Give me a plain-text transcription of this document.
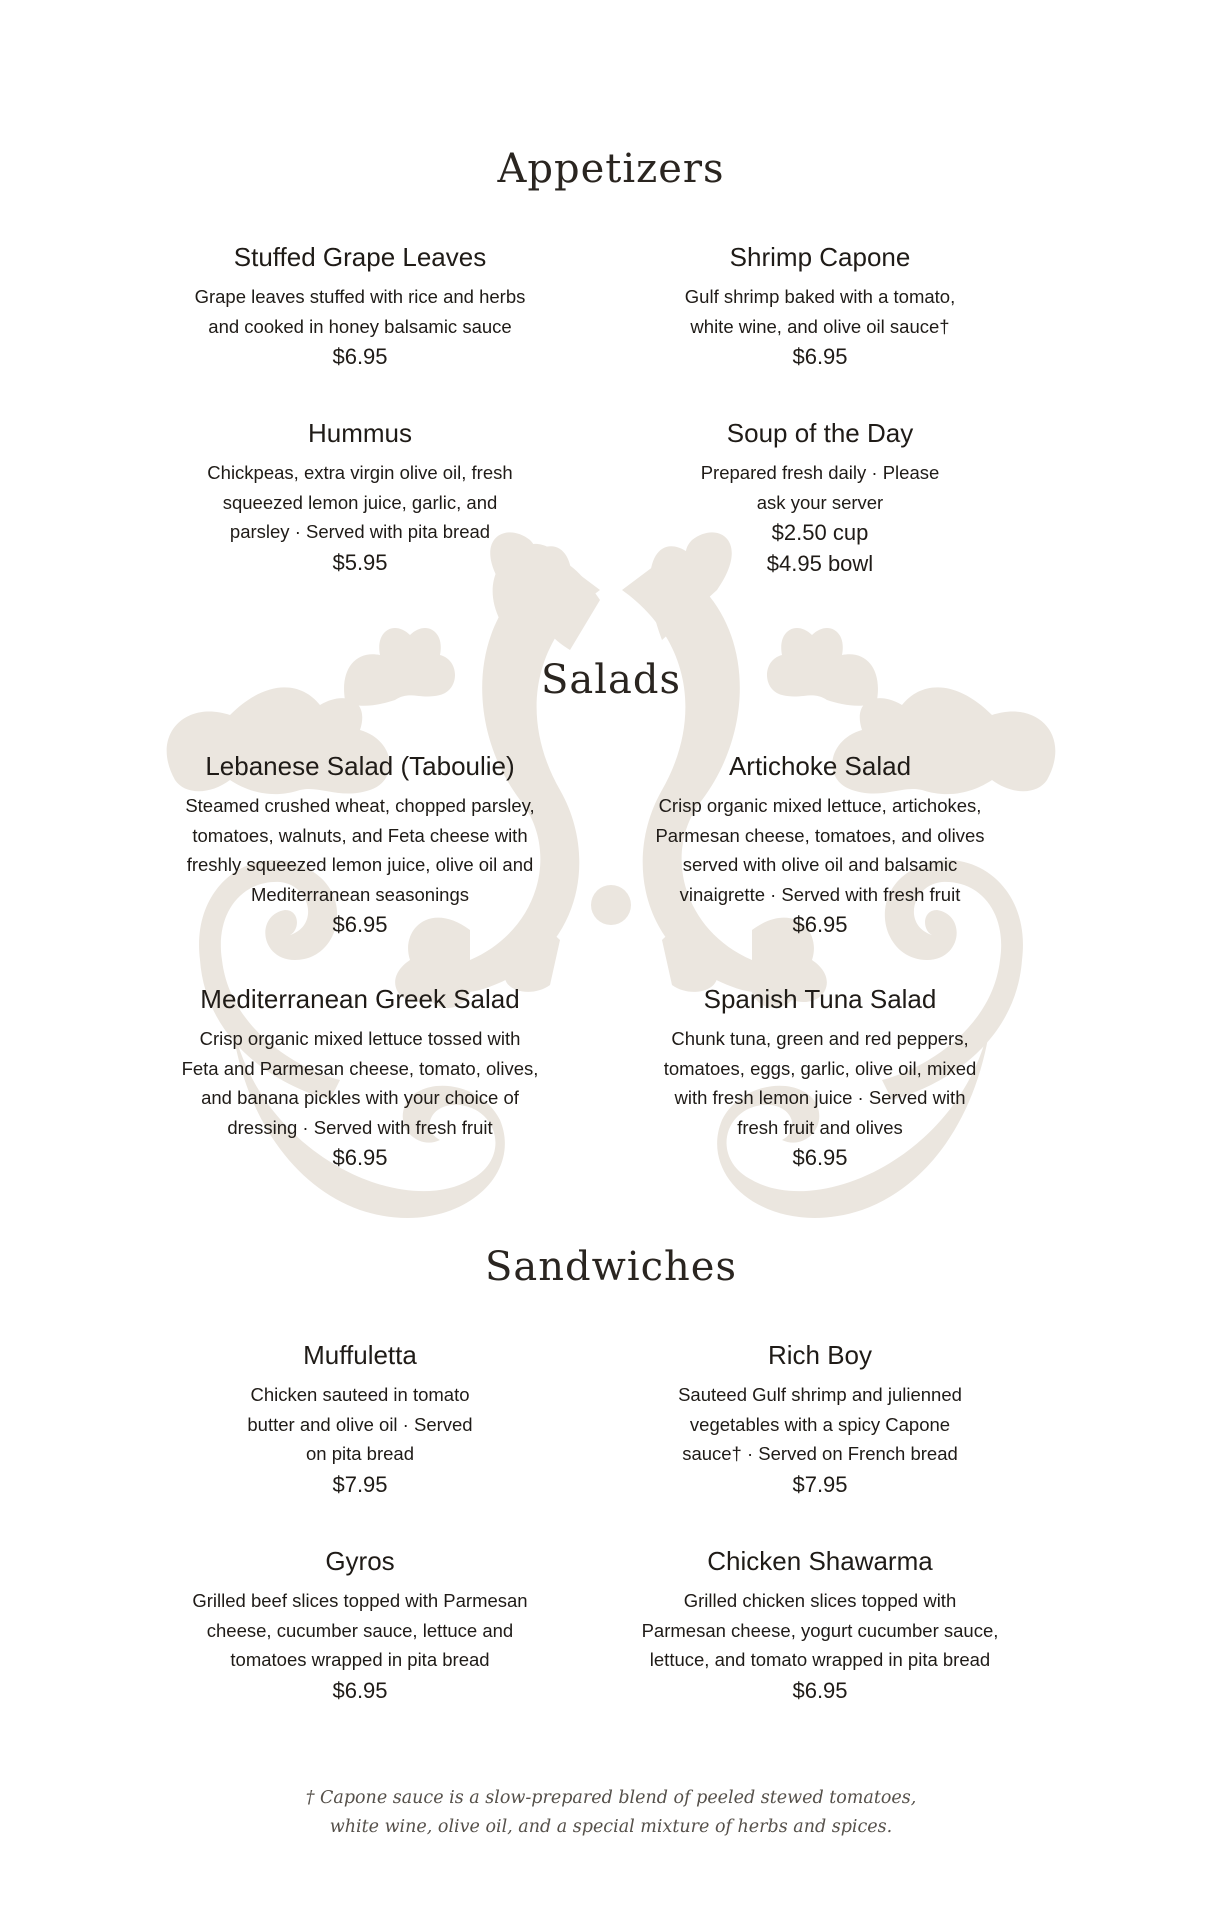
Appetizers
Stuffed Grape Leaves
Grape leaves stuffed with rice and herbs
and cooked in honey balsamic sauce
$6.95
Shrimp Capone
Gulf shrimp baked with a tomato,
white wine, and olive oil sauce†
$6.95
Hummus
Chickpeas, extra virgin olive oil, fresh
squeezed lemon juice, garlic, and
parsley · Served with pita bread
$5.95
Soup of the Day
Prepared fresh daily · Please
ask your server
$2.50 cup
$4.95 bowl
Salads
Lebanese Salad (Taboulie)
Steamed crushed wheat, chopped parsley,
tomatoes, walnuts, and Feta cheese with
freshly squeezed lemon juice, olive oil and
Mediterranean seasonings
$6.95
Artichoke Salad
Crisp organic mixed lettuce, artichokes,
Parmesan cheese, tomatoes, and olives
served with olive oil and balsamic
vinaigrette · Served with fresh fruit
$6.95
Mediterranean Greek Salad
Crisp organic mixed lettuce tossed with
Feta and Parmesan cheese, tomato, olives,
and banana pickles with your choice of
dressing · Served with fresh fruit
$6.95
Spanish Tuna Salad
Chunk tuna, green and red peppers,
tomatoes, eggs, garlic, olive oil, mixed
with fresh lemon juice · Served with
fresh fruit and olives
$6.95
Sandwiches
Muffuletta
Chicken sauteed in tomato
butter and olive oil · Served
on pita bread
$7.95
Rich Boy
Sauteed Gulf shrimp and julienned
vegetables with a spicy Capone
sauce† · Served on French bread
$7.95
Gyros
Grilled beef slices topped with Parmesan
cheese, cucumber sauce, lettuce and
tomatoes wrapped in pita bread
$6.95
Chicken Shawarma
Grilled chicken slices topped with
Parmesan cheese, yogurt cucumber sauce,
lettuce, and tomato wrapped in pita bread
$6.95
† Capone sauce is a slow-prepared blend of peeled stewed tomatoes,
white wine, olive oil, and a special mixture of herbs and spices.
